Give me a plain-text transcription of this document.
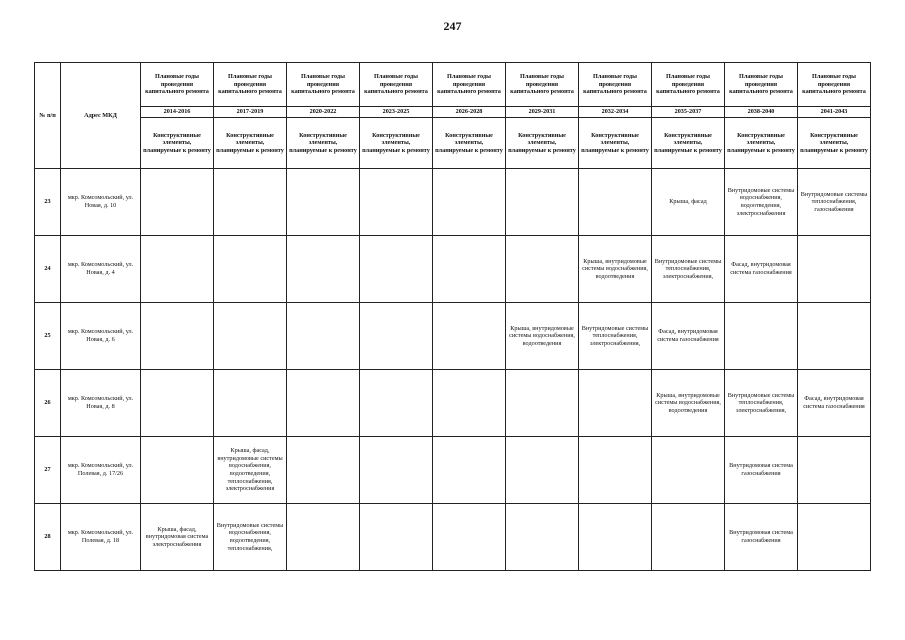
247
№ п/п	Адрес МКД	Плановые годы проведения капитального ремонта	Плановые годы проведения капитального ремонта	Плановые годы проведения капитального ремонта	Плановые годы проведения капитального ремонта	Плановые годы проведения капитального ремонта	Плановые годы проведения капитального ремонта	Плановые годы проведения капитального ремонта	Плановые годы проведения капитального ремонта	Плановые годы проведения капитального ремонта	Плановые годы проведения капитального ремонта
		2014-2016	2017-2019	2020-2022	2023-2025	2026-2028	2029-2031	2032-2034	2035-2037	2038-2040	2041-2043
		Конструктивные элементы, планируемые к ремонту	Конструктивные элементы, планируемые к ремонту	Конструктивные элементы, планируемые к ремонту	Конструктивные элементы, планируемые к ремонту	Конструктивные элементы, планируемые к ремонту	Конструктивные элементы, планируемые к ремонту	Конструктивные элементы, планируемые к ремонту	Конструктивные элементы, планируемые к ремонту	Конструктивные элементы, планируемые к ремонту	Конструктивные элементы, планируемые к ремонту
23	мкр. Комсомольский, ул. Новая, д. 10								Крыша, фасад	Внутридомовые системы водоснабжения, водоотведения, электроснабжения	Внутридомовые системы теплоснабжения, газоснабжения
24	мкр. Комсомольский, ул. Новая, д. 4							Крыша, внутридомовые системы водоснабжения, водоотведения	Внутридомовые системы теплоснабжения, электроснабжения,	Фасад, внутридомовая система газоснабжения	
25	мкр. Комсомольский, ул. Новая, д. 6						Крыша, внутридомовые системы водоснабжения, водоотведения	Внутридомовые системы теплоснабжения, электроснабжения,	Фасад, внутридомовая система газоснабжения		
26	мкр. Комсомольский, ул. Новая, д. 8								Крыша, внутридомовые системы водоснабжения, водоотведения	Внутридомовые системы теплоснабжения, электроснабжения,	Фасад, внутридомовая система газоснабжения
27	мкр. Комсомольский, ул. Полевая, д. 17/26		Крыша, фасад, внутридомовые системы водоснабжения, водоотведения, теплоснабжения, электроснабжения							Внутридомовая система газоснабжения	
28	мкр. Комсомольский, ул. Полевая, д. 18	Крыша, фасад, внутридомовая система электроснабжения	Внутридомовые системы водоснабжения, водоотведения, теплоснабжения,							Внутридомовая система газоснабжения	
